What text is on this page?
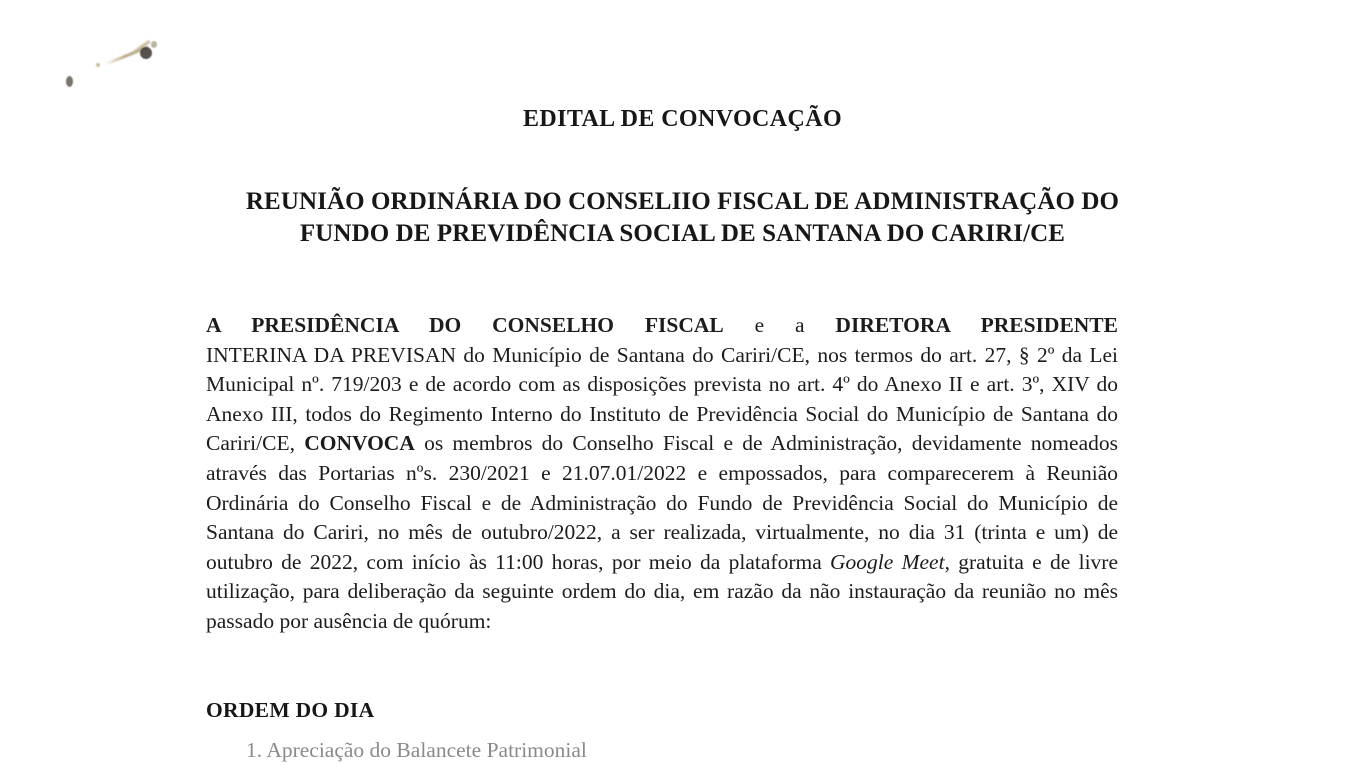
EDITAL DE CONVOCAÇÃO
REUNIÃO ORDINÁRIA DO CONSELIIO FISCAL DE ADMINISTRAÇÃO DO
FUNDO DE PREVIDÊNCIA SOCIAL DE SANTANA DO CARIRI/CE

A PRESIDÊNCIA DO CONSELHO FISCAL e a DIRETORA PRESIDENTE
INTERINA DA PREVISAN do Município de Santana do Cariri/CE, nos termos do art. 27, § 2º da Lei Municipal nº. 719/203 e de acordo com as disposições prevista no art. 4º do Anexo II e art. 3º, XIV do Anexo III, todos do Regimento Interno do Instituto de Previdência Social do Município de Santana do Cariri/CE, CONVOCA os membros do Conselho Fiscal e de Administração, devidamente nomeados através das Portarias nºs. 230/2021 e 21.07.01/2022 e empossados, para comparecerem à Reunião Ordinária do Conselho Fiscal e de Administração do Fundo de Previdência Social do Município de Santana do Cariri, no mês de outubro/2022, a ser realizada, virtualmente, no dia 31 (trinta e um) de outubro de 2022, com início às 11:00 horas, por meio da plataforma Google Meet, gratuita e de livre utilização, para deliberação da seguinte ordem do dia, em razão da não instauração da reunião no mês passado por ausência de quórum:

ORDEM DO DIA
1. Apreciação do Balancete Patrimonial
